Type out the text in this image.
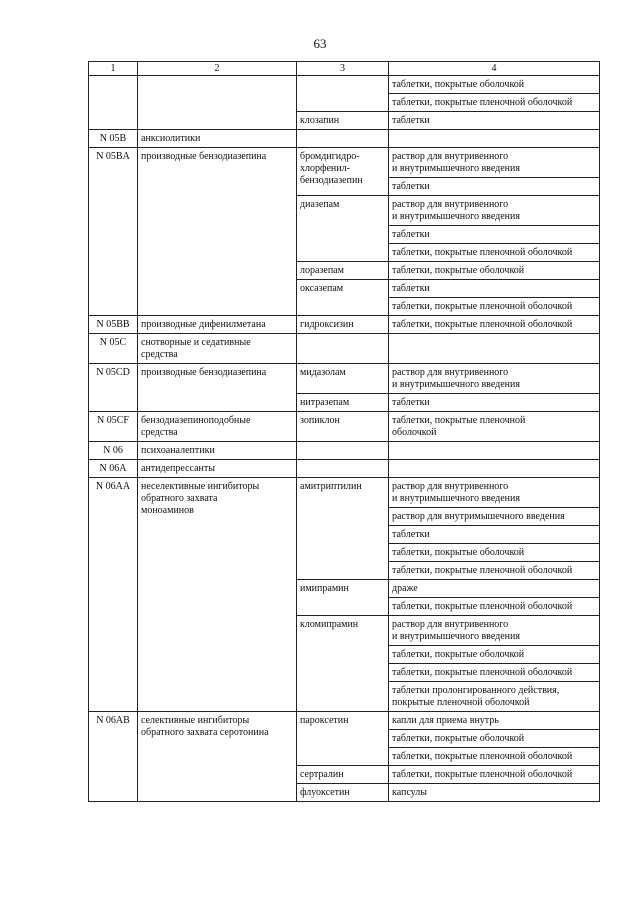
63
1	2	3	4
			таблетки, покрытые оболочкой
			таблетки, покрытые пленочной оболочкой
		клозапин	таблетки
N 05B	анксиолитики		
N 05BA	производные бензодиазепина	бромдигидро-
хлорфенил-
бензодиазепин	раствор для внутривенного
и внутримышечного введения
			таблетки
		диазепам	раствор для внутривенного
и внутримышечного введения
			таблетки
			таблетки, покрытые пленочной оболочкой
		лоразепам	таблетки, покрытые оболочкой
		оксазепам	таблетки
			таблетки, покрытые пленочной оболочкой
N 05BB	производные дифенилметана	гидроксизин	таблетки, покрытые пленочной оболочкой
N 05C	снотворные и седативные
средства		
N 05CD	производные бензодиазепина	мидазолам	раствор для внутривенного
и внутримышечного введения
		нитразепам	таблетки
N 05CF	бензодиазепиноподобные
средства	зопиклон	таблетки, покрытые пленочной
оболочкой
N 06	психоаналептики		
N 06A	антидепрессанты		
N 06AA	неселективные ингибиторы
обратного захвата
моноаминов	амитриптилин	раствор для внутривенного
и внутримышечного введения
			раствор для внутримышечного введения
			таблетки
			таблетки, покрытые оболочкой
			таблетки, покрытые пленочной оболочкой
		имипрамин	драже
			таблетки, покрытые пленочной оболочкой
		кломипрамин	раствор для внутривенного
и внутримышечного введения
			таблетки, покрытые оболочкой
			таблетки, покрытые пленочной оболочкой
			таблетки пролонгированного действия,
покрытые пленочной оболочкой
N 06AB	селективные ингибиторы
обратного захвата серотонина	пароксетин	капли для приема внутрь
			таблетки, покрытые оболочкой
			таблетки, покрытые пленочной оболочкой
		сертралин	таблетки, покрытые пленочной оболочкой
		флуоксетин	капсулы
